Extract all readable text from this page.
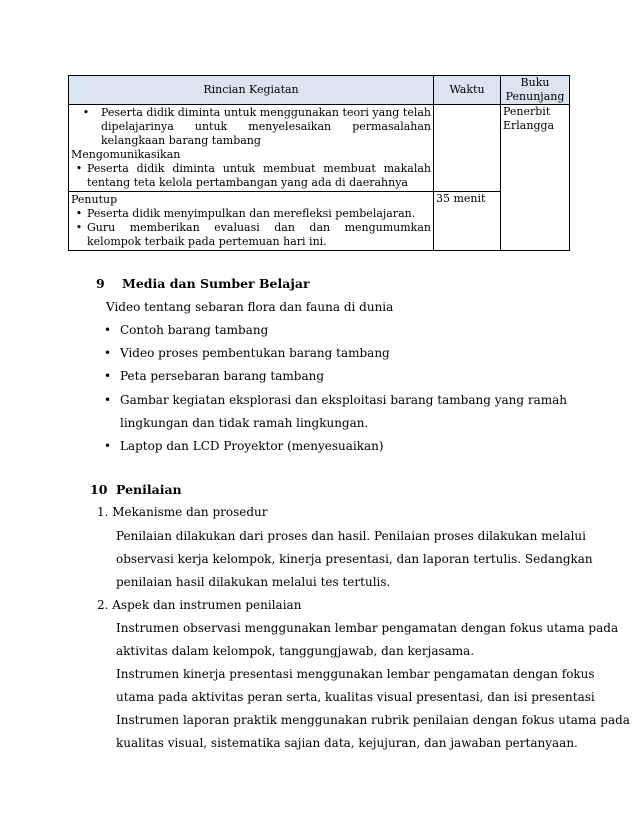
Rincian Kegiatan	Waktu	Buku Penunjang

• Peserta didik diminta untuk menggunakan teori yang telah dipelajarinya untuk menyelesaikan permasalahan kelangkaan barang tambang
Mengomunikasikan
• Peserta didik diminta untuk membuat membuat makalah tentang teta kelola pertambangan yang ada di daerahnya		Penerbit Erlangga

Penutup
• Peserta didik menyimpulkan dan merefleksi pembelajaran.
• Guru memberikan evaluasi dan dan mengumumkan kelompok terbaik pada pertemuan hari ini.	35 menit	
9 Media dan Sumber Belajar
Video tentang sebaran flora dan fauna di dunia
• Contoh barang tambang
• Video proses pembentukan barang tambang
• Peta persebaran barang tambang
• Gambar kegiatan eksplorasi dan eksploitasi barang tambang yang ramah
lingkungan dan tidak ramah lingkungan.
• Laptop dan LCD Proyektor (menyesuaikan)
10 Penilaian
1. Mekanisme dan prosedur
Penilaian dilakukan dari proses dan hasil. Penilaian proses dilakukan melalui
observasi kerja kelompok, kinerja presentasi, dan laporan tertulis. Sedangkan
penilaian hasil dilakukan melalui tes tertulis.
2. Aspek dan instrumen penilaian
Instrumen observasi menggunakan lembar pengamatan dengan fokus utama pada
aktivitas dalam kelompok, tanggungjawab, dan kerjasama.
Instrumen kinerja presentasi menggunakan lembar pengamatan dengan fokus
utama pada aktivitas peran serta, kualitas visual presentasi, dan isi presentasi
Instrumen laporan praktik menggunakan rubrik penilaian dengan fokus utama pada
kualitas visual, sistematika sajian data, kejujuran, dan jawaban pertanyaan.
